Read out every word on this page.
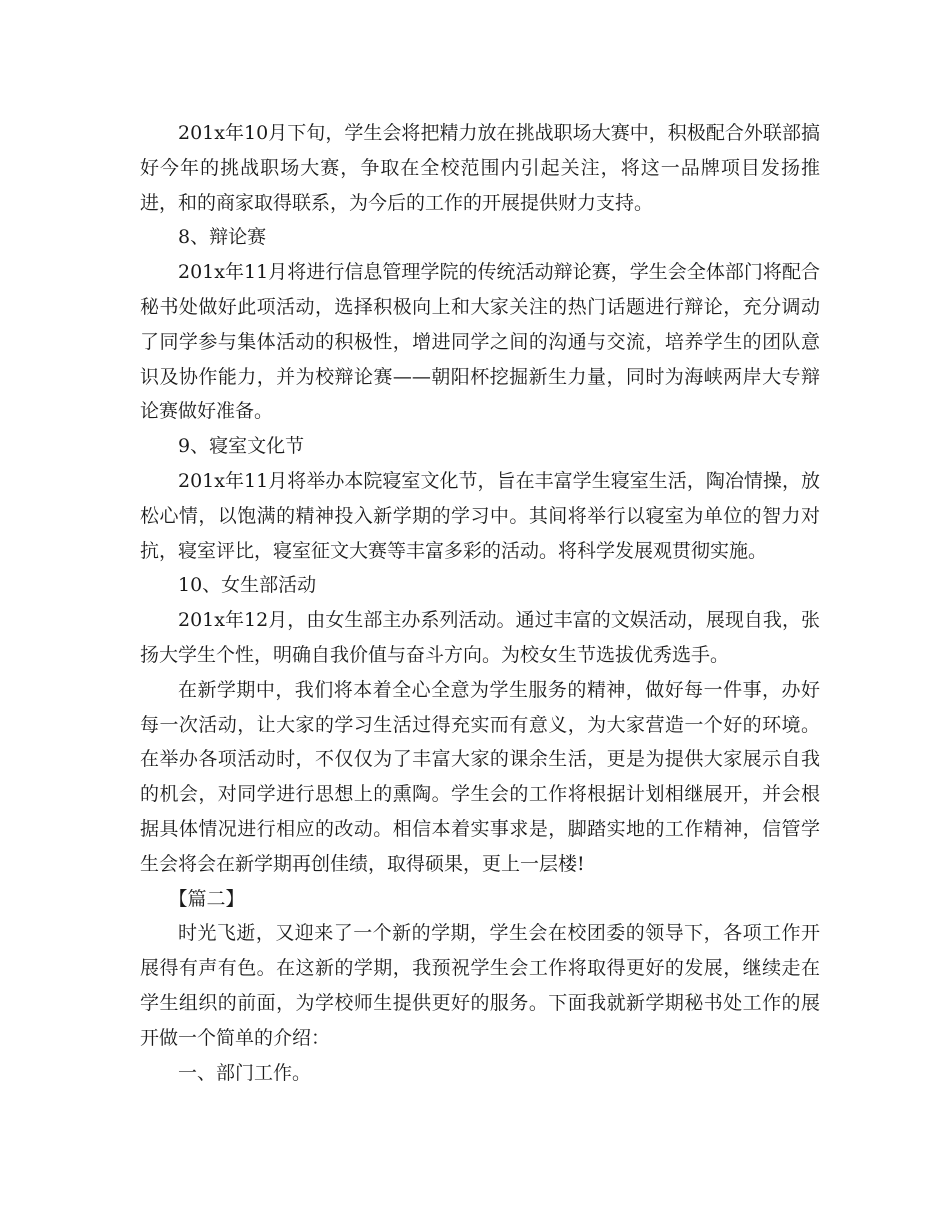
201x年10月下旬，学生会将把精力放在挑战职场大赛中，积极配合外联部搞好今年的挑战职场大赛，争取在全校范围内引起关注，将这一品牌项目发扬推进，和的商家取得联系，为今后的工作的开展提供财力支持。

8、辩论赛

201x年11月将进行信息管理学院的传统活动辩论赛，学生会全体部门将配合秘书处做好此项活动，选择积极向上和大家关注的热门话题进行辩论，充分调动了同学参与集体活动的积极性，增进同学之间的沟通与交流，培养学生的团队意识及协作能力，并为校辩论赛——朝阳杯挖掘新生力量，同时为海峡两岸大专辩论赛做好准备。

9、寝室文化节

201x年11月将举办本院寝室文化节，旨在丰富学生寝室生活，陶冶情操，放松心情，以饱满的精神投入新学期的学习中。其间将举行以寝室为单位的智力对抗，寝室评比，寝室征文大赛等丰富多彩的活动。将科学发展观贯彻实施。

10、女生部活动

201x年12月，由女生部主办系列活动。通过丰富的文娱活动，展现自我，张扬大学生个性，明确自我价值与奋斗方向。为校女生节选拔优秀选手。

在新学期中，我们将本着全心全意为学生服务的精神，做好每一件事，办好每一次活动，让大家的学习生活过得充实而有意义，为大家营造一个好的环境。在举办各项活动时，不仅仅为了丰富大家的课余生活，更是为提供大家展示自我的机会，对同学进行思想上的熏陶。学生会的工作将根据计划相继展开，并会根据具体情况进行相应的改动。相信本着实事求是，脚踏实地的工作精神，信管学生会将会在新学期再创佳绩，取得硕果，更上一层楼!

【篇二】

时光飞逝，又迎来了一个新的学期，学生会在校团委的领导下，各项工作开展得有声有色。在这新的学期，我预祝学生会工作将取得更好的发展，继续走在学生组织的前面，为学校师生提供更好的服务。下面我就新学期秘书处工作的展开做一个简单的介绍：

一、部门工作。
